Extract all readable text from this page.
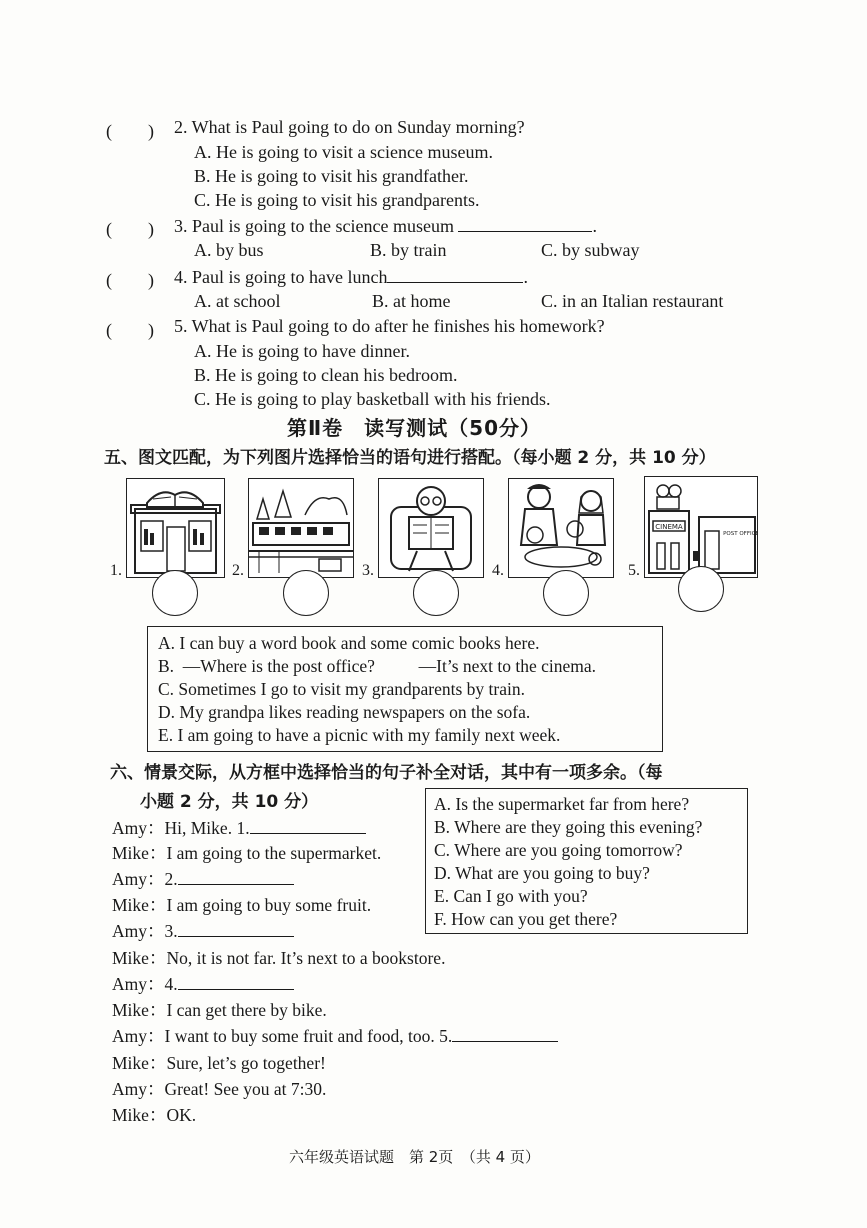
(　　) 2. What is Paul going to do on Sunday morning?
A. He is going to visit a science museum.
B. He is going to visit his grandfather.
C. He is going to visit his grandparents.
(　　) 3. Paul is going to the science museum	.
A. by bus	B. by train	C. by subway
(　　) 4. Paul is going to have lunch	.
A. at school	B. at home	C. in an Italian restaurant
(　　) 5. What is Paul going to do after he finishes his homework?
A. He is going to have dinner.
B. He is going to clean his bedroom.
C. He is going to play basketball with his friends.
第Ⅱ卷　读写测试（50分）
五、图文匹配，为下列图片选择恰当的语句进行搭配。（每小题 2 分，共 10 分）
1.	2.	3.	4.	5.
CINEMA
POST OFFICE
A. I can buy a word book and some comic books here.
B.  —Where is the post office?          —It’s next to the cinema.
C. Sometimes I go to visit my grandparents by train.
D. My grandpa likes reading newspapers on the sofa.
E. I am going to have a picnic with my family next week.
六、情景交际，从方框中选择恰当的句子补全对话，其中有一项多余。（每
小题 2 分，共 10 分）	A. Is the supermarket far from here?
B. Where are they going this evening?
C. Where are you going tomorrow?
D. What are you going to buy?
E. Can I go with you?
F. How can you get there?
Amy：Hi, Mike. 1.
Mike：I am going to the supermarket.
Amy：2.
Mike：I am going to buy some fruit.
Amy：3.
Mike：No, it is not far. It’s next to a bookstore.
Amy：4.
Mike：I can get there by bike.
Amy：I want to buy some fruit and food, too. 5.
Mike：Sure, let’s go together!
Amy：Great! See you at 7:30.
Mike：OK.
六年级英语试题　第 2页　（共 4 页）
